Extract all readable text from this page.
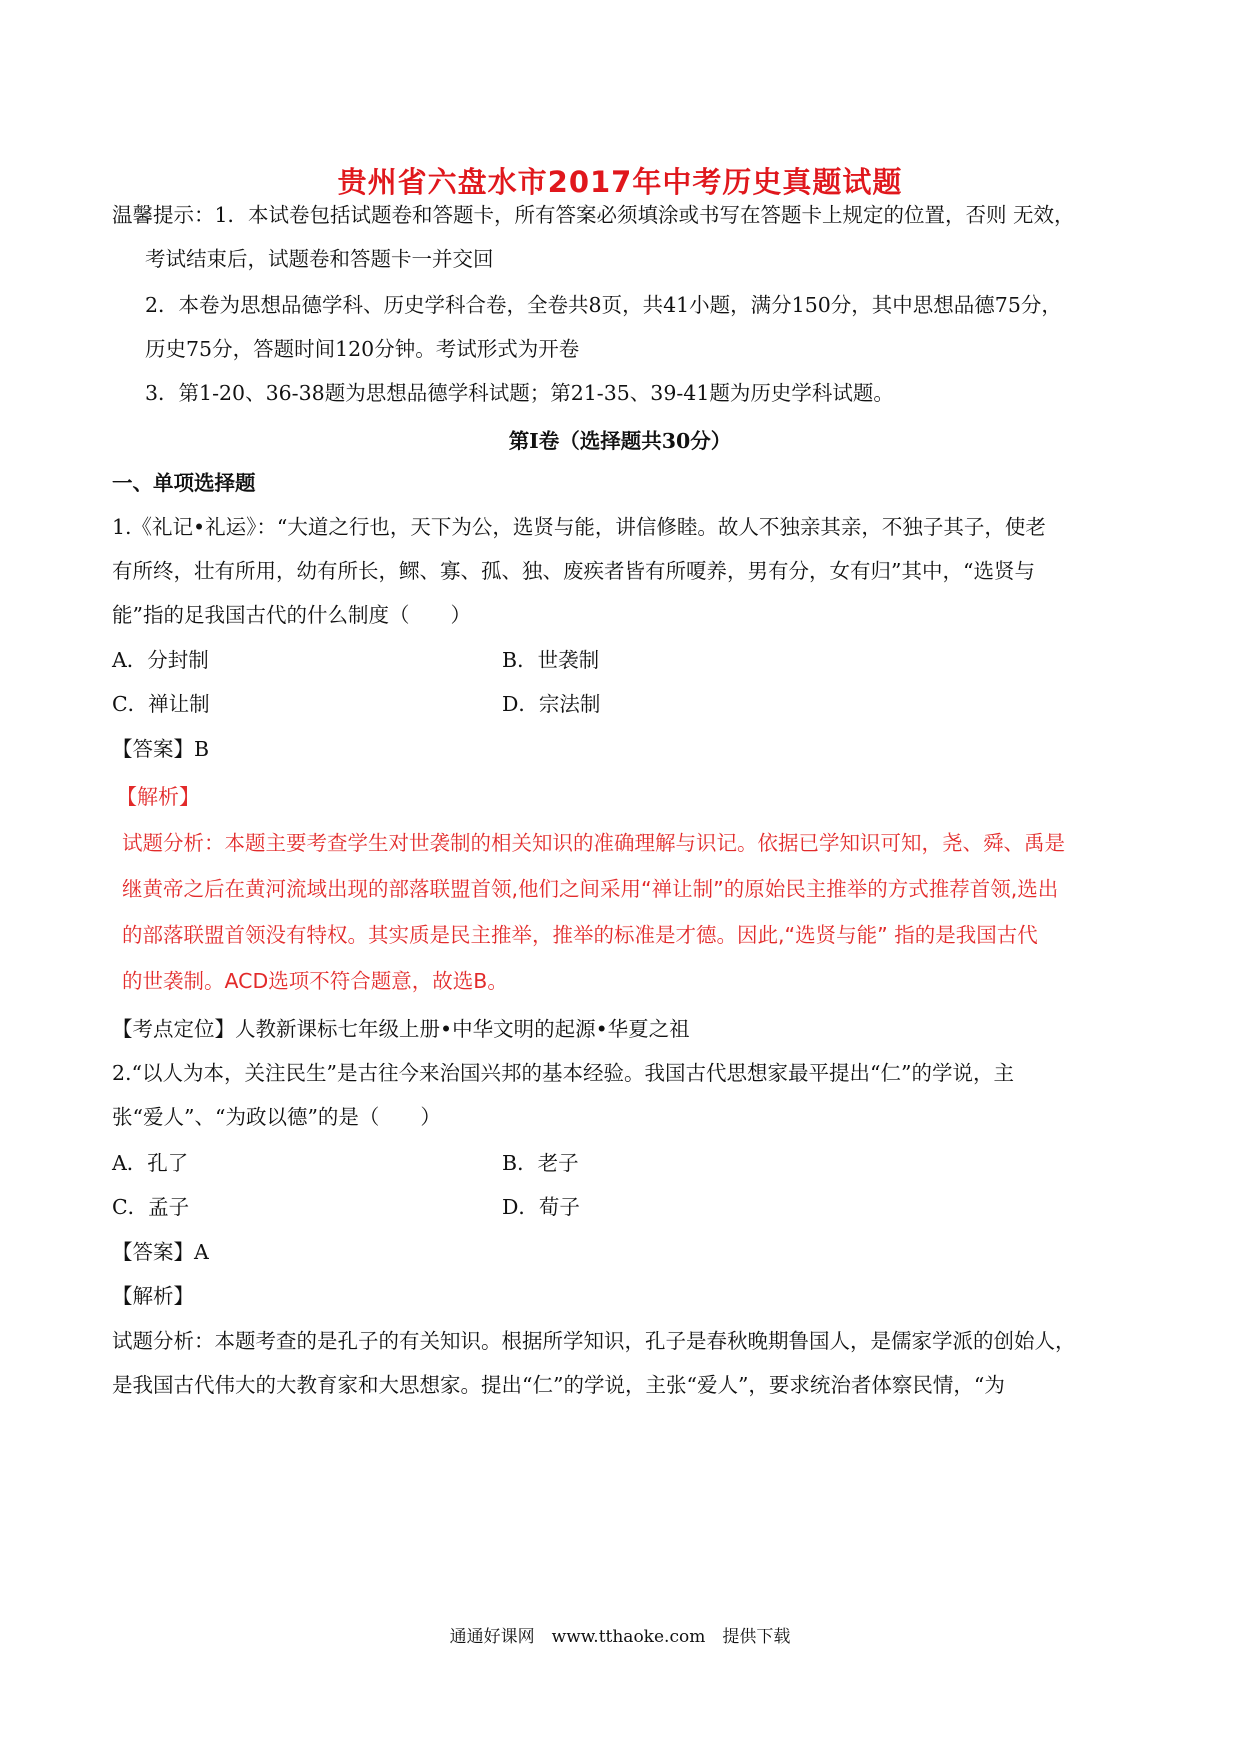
贵州省六盘水市2017年中考历史真题试题
温馨提示：1．本试卷包括试题卷和答题卡，所有答案必须填涂或书写在答题卡上规定的位置，否则 无效，
考试结束后，试题卷和答题卡一并交回
2．本卷为思想品德学科、历史学科合卷，全卷共8页，共41小题，满分150分，其中思想品德75分，
历史75分，答题时间120分钟。考试形式为开卷
3．第1-20、36-38题为思想品德学科试题；第21-35、39-41题为历史学科试题。
第Ⅰ卷（选择题共30分）
一、单项选择题
1.《礼记•礼运》：“大道之行也，天下为公，选贤与能，讲信修睦。故人不独亲其亲，不独子其子，使老
有所终，壮有所用，幼有所长，鳏、寡、孤、独、废疾者皆有所嗄养，男有分，女有归”其中，“选贤与
能”指的足我国古代的什么制度（　　）
A．分封制	B．世袭制
C．禅让制	D．宗法制
【答案】B
【解析】
试题分析：本题主要考查学生对世袭制的相关知识的准确理解与识记。依据已学知识可知，尧、舜、禹是
继黄帝之后在黄河流域出现的部落联盟首领,他们之间采用“禅让制”的原始民主推举的方式推荐首领,选出
的部落联盟首领没有特权。其实质是民主推举，推举的标准是才德。因此,“选贤与能” 指的是我国古代
的世袭制。ACD选项不符合题意，故选B。
【考点定位】人教新课标七年级上册•中华文明的起源•华夏之祖
2.“以人为本，关注民生”是古往今来治国兴邦的基本经验。我国古代思想家最平提出“仁”的学说，主
张“爱人”、“为政以德”的是（　　）
A．孔了	B．老子
C．孟子	D．荀子
【答案】A
【解析】
试题分析：本题考查的是孔子的有关知识。根据所学知识，孔子是春秋晚期鲁国人，是儒家学派的创始人，
是我国古代伟大的大教育家和大思想家。提出“仁”的学说，主张“爱人”，要求统治者体察民情，“为
通通好课网　www.tthaoke.com　提供下载
